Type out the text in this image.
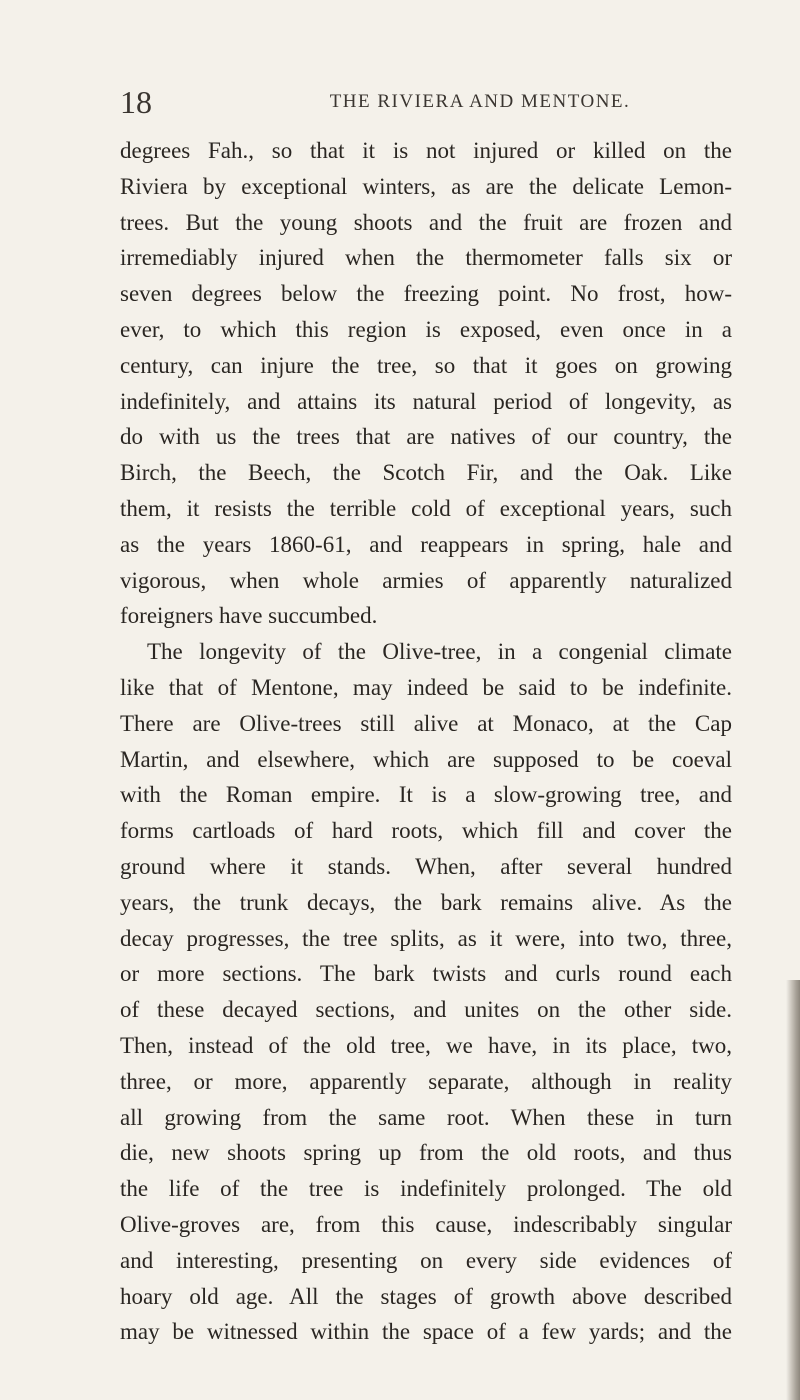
18	THE RIVIERA AND MENTONE.
degrees Fah., so that it is not injured or killed on the
Riviera by exceptional winters, as are the delicate Lemon-
trees. But the young shoots and the fruit are frozen and
irremediably injured when the thermometer falls six or
seven degrees below the freezing point. No frost, how-
ever, to which this region is exposed, even once in a
century, can injure the tree, so that it goes on growing
indefinitely, and attains its natural period of longevity, as
do with us the trees that are natives of our country, the
Birch, the Beech, the Scotch Fir, and the Oak. Like
them, it resists the terrible cold of exceptional years, such
as the years 1860-61, and reappears in spring, hale and
vigorous, when whole armies of apparently naturalized
foreigners have succumbed.
The longevity of the Olive-tree, in a congenial climate
like that of Mentone, may indeed be said to be indefinite.
There are Olive-trees still alive at Monaco, at the Cap
Martin, and elsewhere, which are supposed to be coeval
with the Roman empire. It is a slow-growing tree, and
forms cartloads of hard roots, which fill and cover the
ground where it stands. When, after several hundred
years, the trunk decays, the bark remains alive. As the
decay progresses, the tree splits, as it were, into two, three,
or more sections. The bark twists and curls round each
of these decayed sections, and unites on the other side.
Then, instead of the old tree, we have, in its place, two,
three, or more, apparently separate, although in reality
all growing from the same root. When these in turn
die, new shoots spring up from the old roots, and thus
the life of the tree is indefinitely prolonged. The old
Olive-groves are, from this cause, indescribably singular
and interesting, presenting on every side evidences of
hoary old age. All the stages of growth above described
may be witnessed within the space of a few yards; and the
